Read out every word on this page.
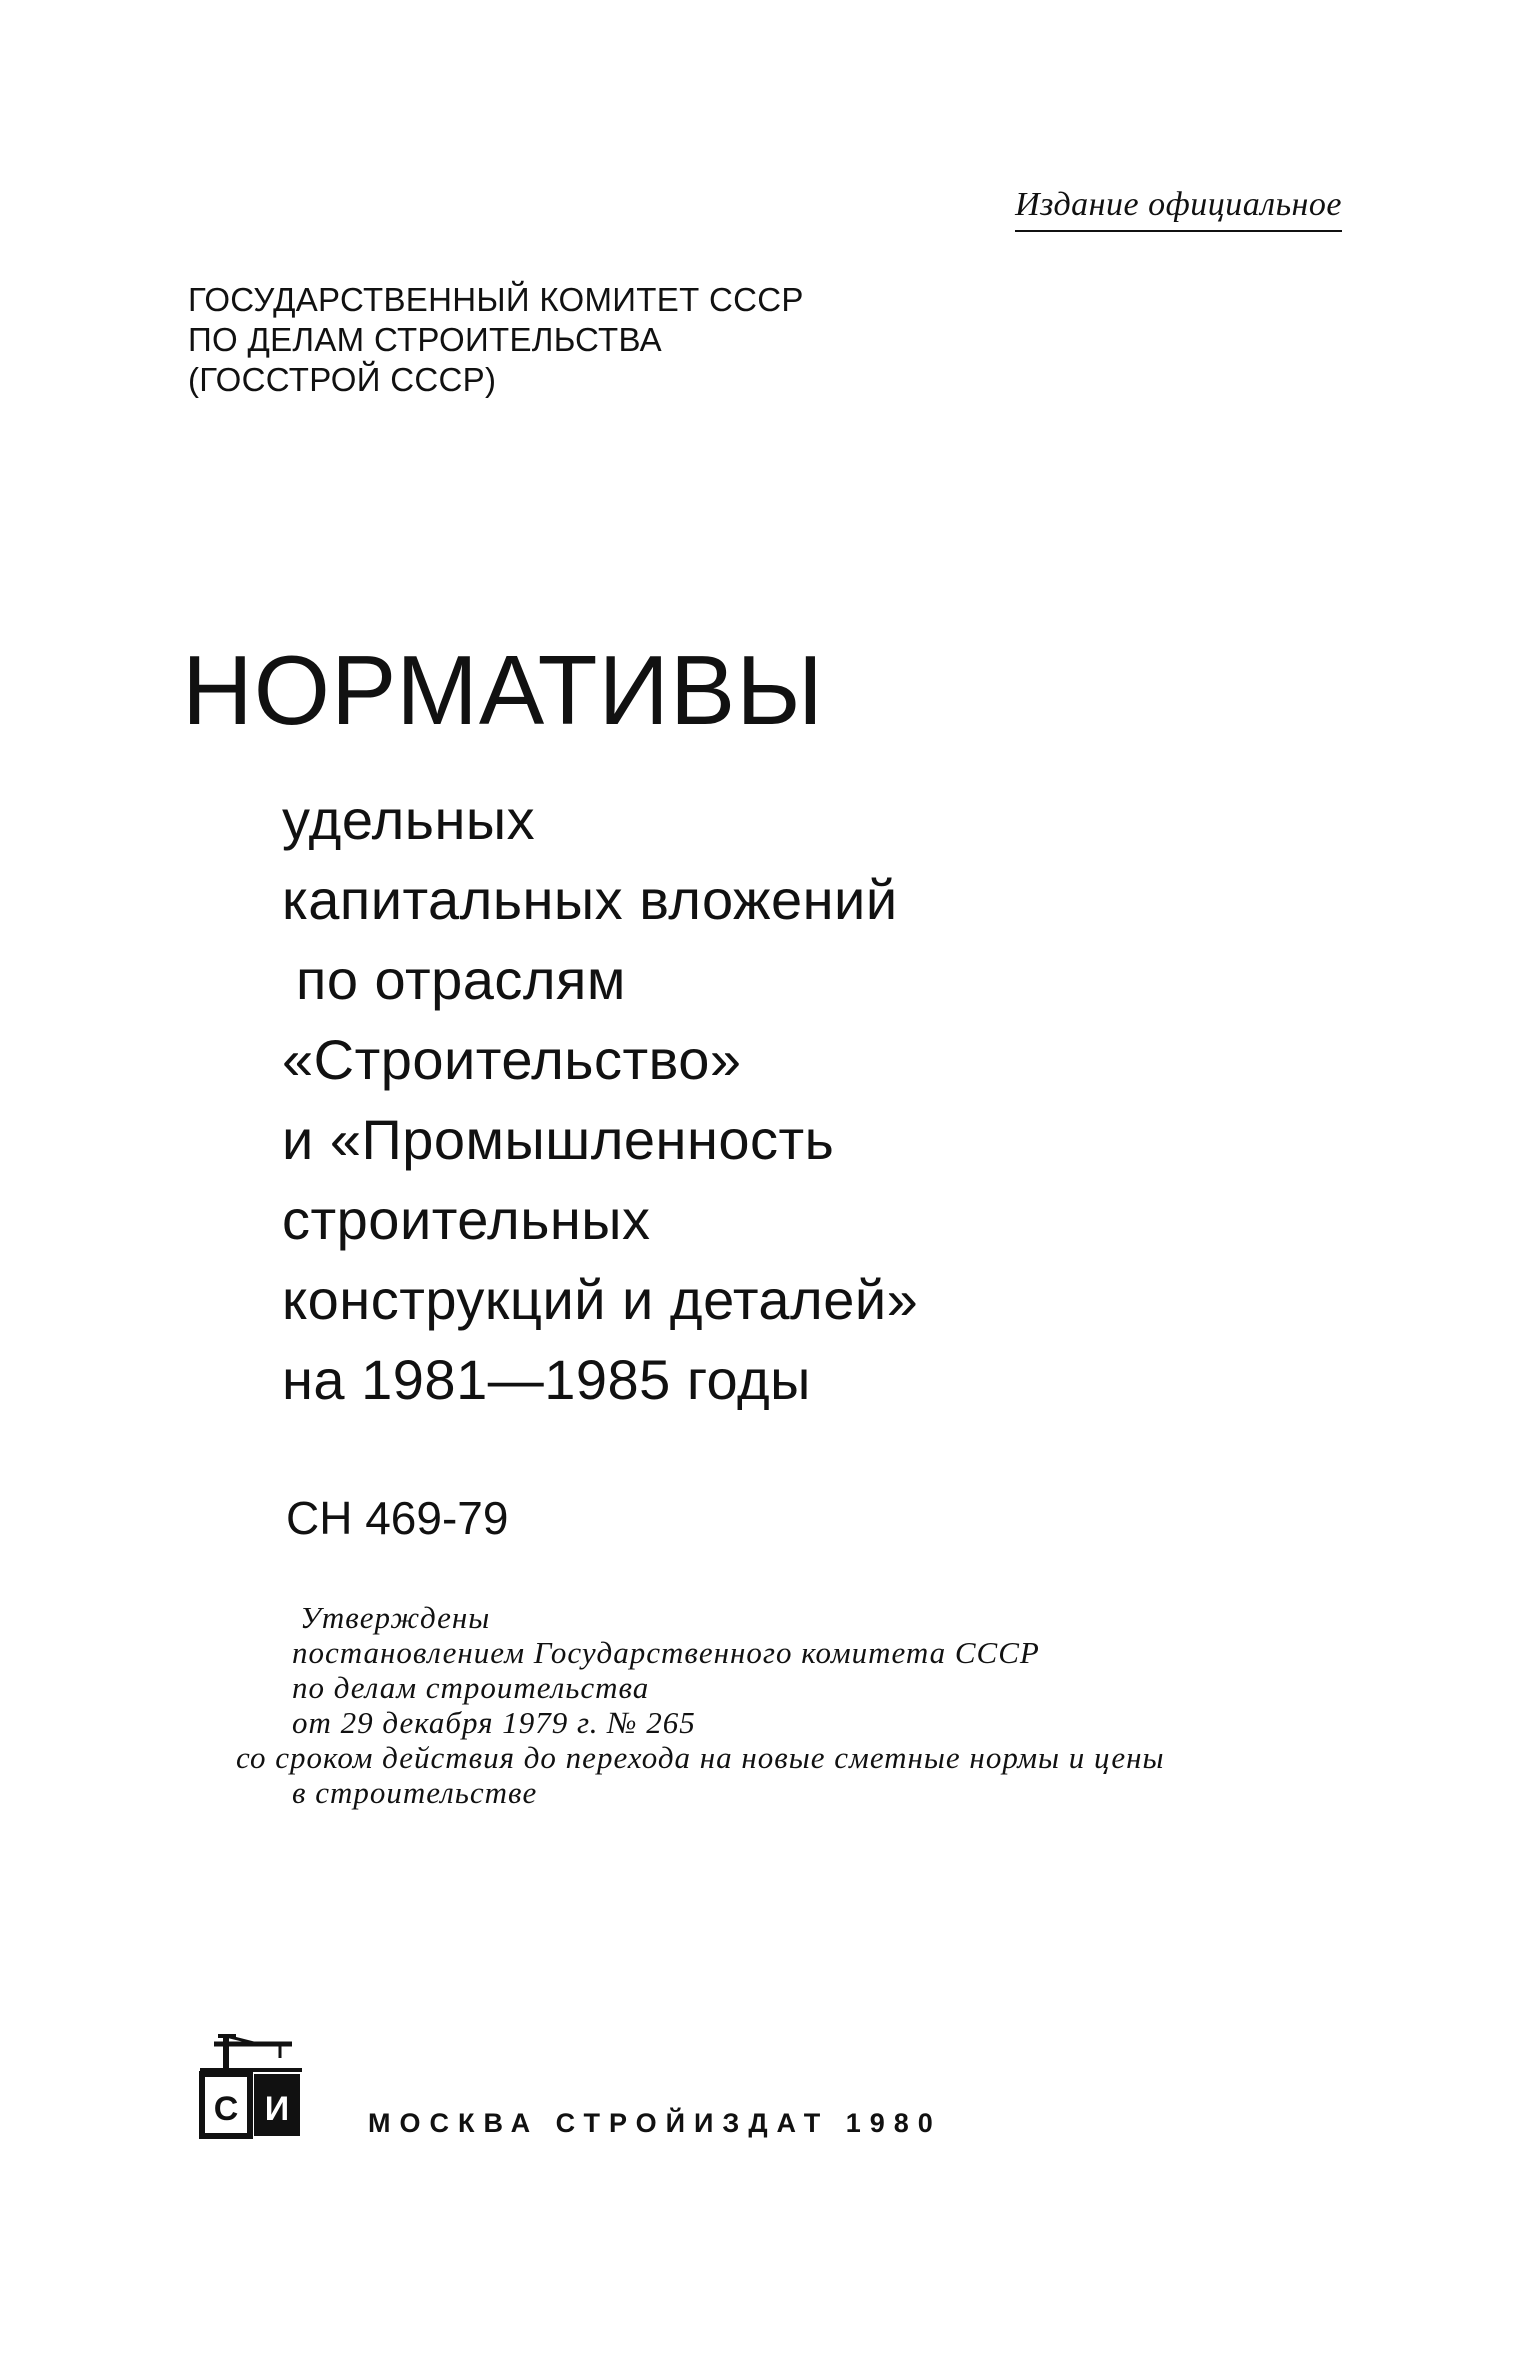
Издание официальное
ГОСУДАРСТВЕННЫЙ КОМИТЕТ СССР
ПО ДЕЛАМ СТРОИТЕЛЬСТВА
(ГОССТРОЙ СССР)
НОРМАТИВЫ
удельных
капитальных вложений
по отраслям
«Строительство»
и «Промышленность
строительных
конструкций и деталей»
на 1981—1985 годы
СН 469-79
Утверждены
постановлением Государственного комитета СССР
по делам строительства
от 29 декабря 1979 г. № 265
со сроком действия до перехода на новые сметные нормы и цены
в строительстве
С И	МОСКВА СТРОЙИЗДАТ 1980
